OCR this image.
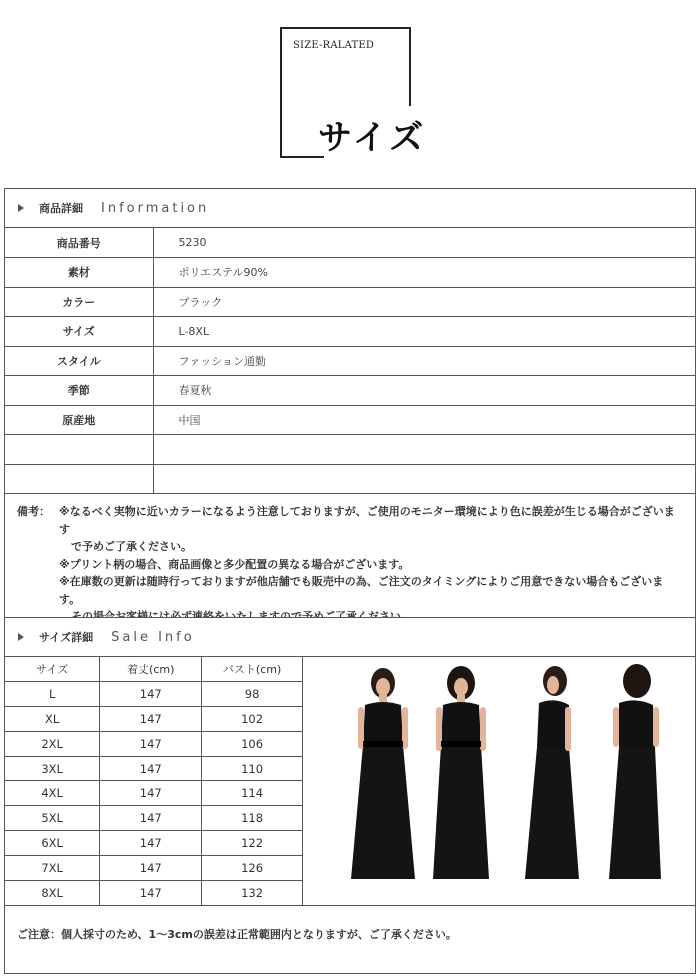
SIZE-RALATED
サイズ
商品詳細 Information
商品番号	5230
素材	ポリエステル90%
カラー	ブラック
サイズ	L-8XL
スタイル	ファッション通勤
季節	春夏秋
原産地	中国

備考： ※なるべく実物に近いカラーになるよう注意しておりますが、ご使用のモニター環境により色に誤差が生じる場合がございます
で予めご了承ください。
※プリント柄の場合、商品画像と多少配置の異なる場合がございます。
※在庫数の更新は随時行っておりますが他店舗でも販売中の為、ご注文のタイミングによりご用意できない場合もございます。
サイズ詳細 Sale Info
サイズ	着丈(cm)	バスト(cm)
L	147	98
XL	147	102
2XL	147	106
3XL	147	110
4XL	147	114
5XL	147	118
6XL	147	122
7XL	147	126
8XL	147	132
ご注意：個人採寸のため、1～3cmの誤差は正常範囲内となりますが、ご了承ください。
